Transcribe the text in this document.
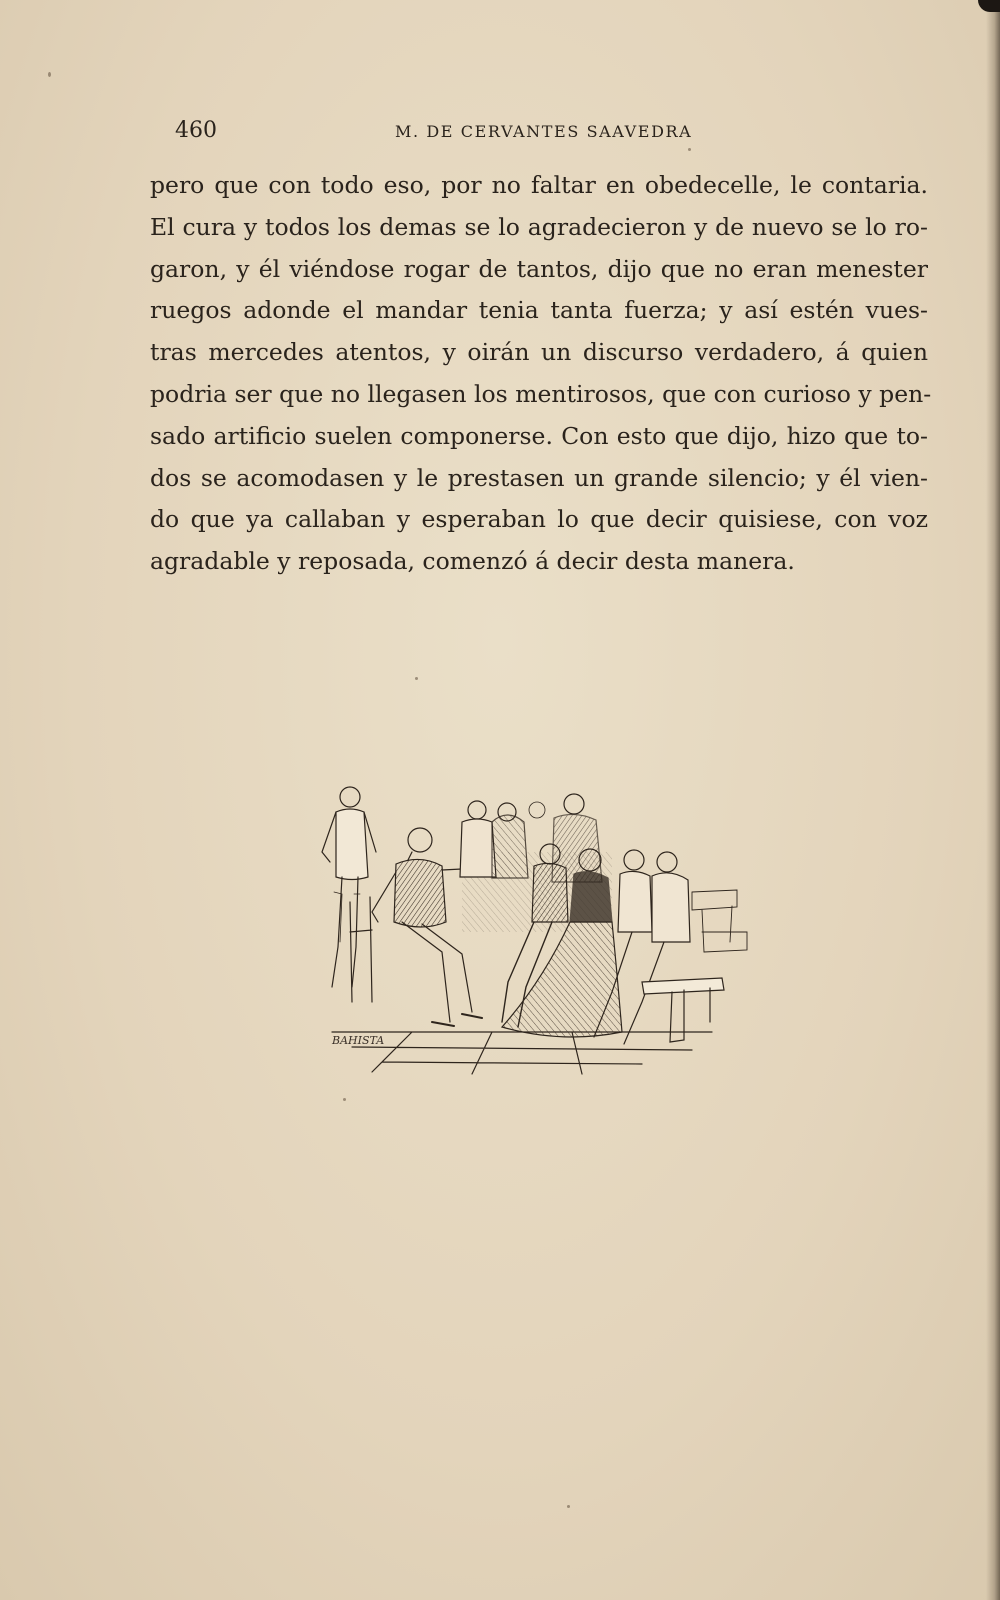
460	M. DE CERVANTES SAAVEDRA
pero que con todo eso, por no faltar en obedecelle, le contaria.
El cura y todos los demas se lo agradecieron y de nuevo se lo ro-
garon, y él viéndose rogar de tantos, dijo que no eran menester
ruegos adonde el mandar tenia tanta fuerza; y así estén vues-
tras mercedes atentos, y oirán un discurso verdadero, á quien
podria ser que no llegasen los mentirosos, que con curioso y pen-
sado artificio suelen componerse. Con esto que dijo, hizo que to-
dos se acomodasen y le prestasen un grande silencio; y él vien-
do que ya callaban y esperaban lo que decir quisiese, con voz
agradable y reposada, comenzó á decir desta manera.
BAHISTA
